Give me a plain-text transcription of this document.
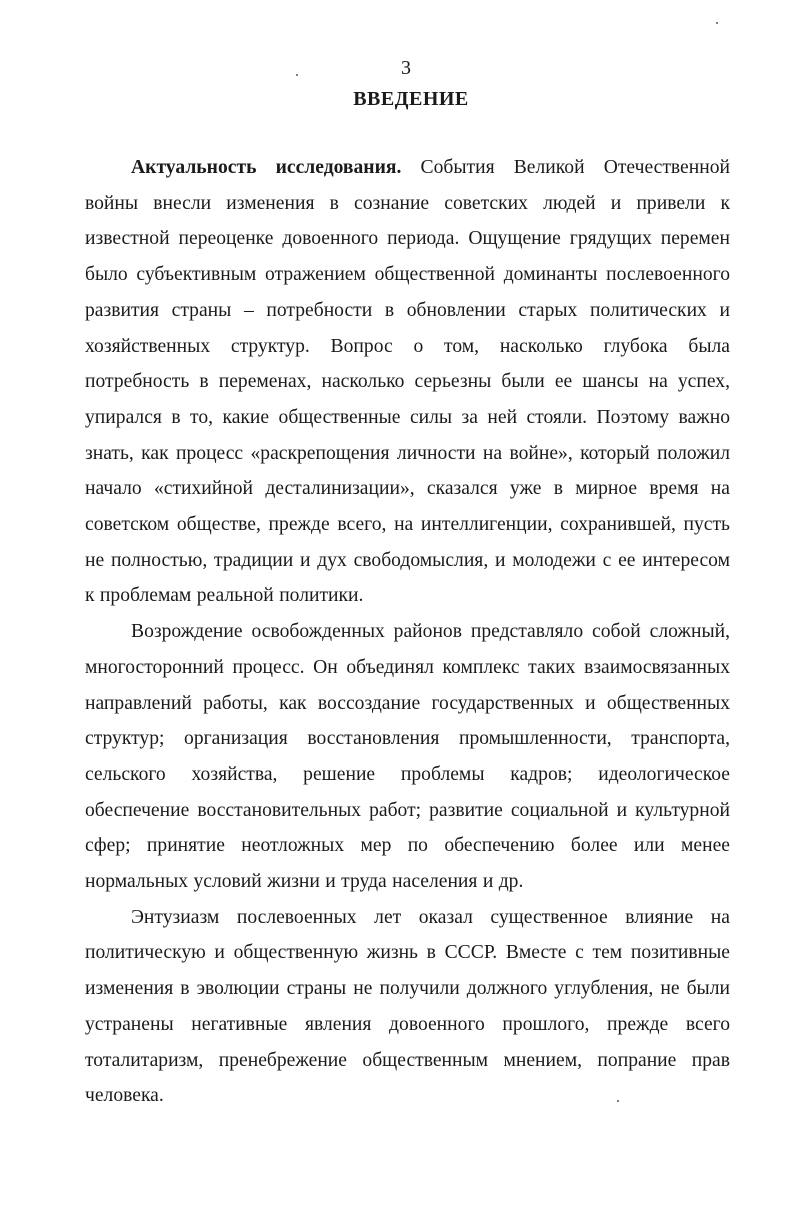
3
ВВЕДЕНИЕ

Актуальность исследования. События Великой Отечественной войны внесли изменения в сознание советских людей и привели к известной переоценке довоенного периода. Ощущение грядущих перемен было субъективным отражением общественной доминанты послевоенного развития страны – потребности в обновлении старых политических и хозяйственных структур. Вопрос о том, насколько глубока была потребность в переменах, насколько серьезны были ее шансы на успех, упирался в то, какие общественные силы за ней стояли. Поэтому важно знать, как процесс «раскрепощения личности на войне», который положил начало «стихийной десталинизации», сказался уже в мирное время на советском обществе, прежде всего, на интеллигенции, сохранившей, пусть не полностью, традиции и дух свободомыслия, и молодежи с ее интересом к проблемам реальной политики.

Возрождение освобожденных районов представляло собой сложный, многосторонний процесс. Он объединял комплекс таких взаимосвязанных направлений работы, как воссоздание государственных и общественных структур; организация восстановления промышленности, транспорта, сельского хозяйства, решение проблемы кадров; идеологическое обеспечение восстановительных работ; развитие социальной и культурной сфер; принятие неотложных мер по обеспечению более или менее нормальных условий жизни и труда населения и др.

Энтузиазм послевоенных лет оказал существенное влияние на политическую и общественную жизнь в СССР. Вместе с тем позитивные изменения в эволюции страны не получили должного углубления, не были устранены негативные явления довоенного прошлого, прежде всего тоталитаризм, пренебрежение общественным мнением, попрание прав человека.
